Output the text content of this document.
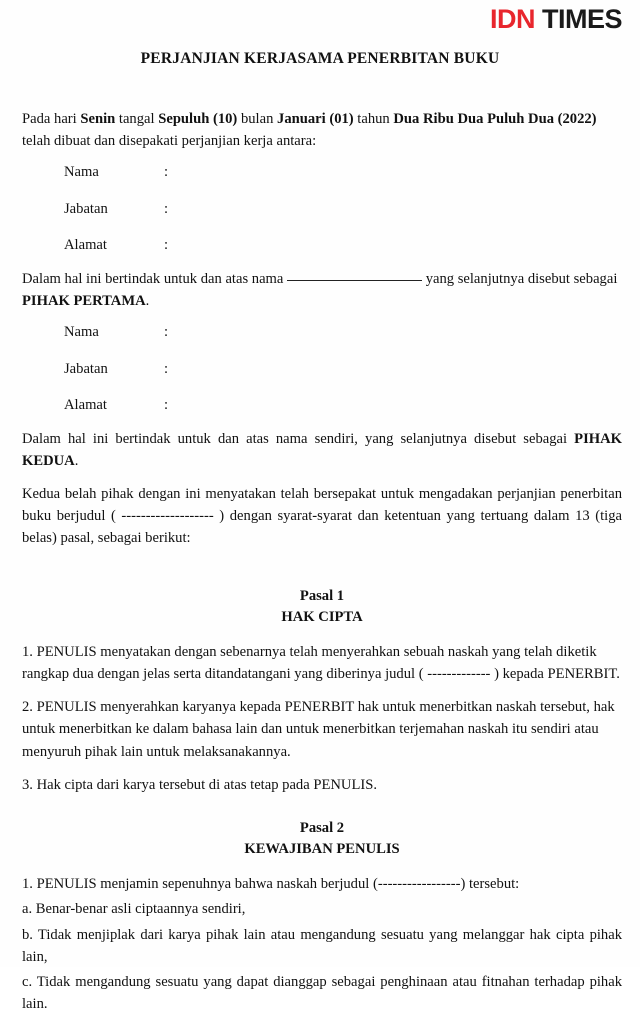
IDN TIMES
PERJANJIAN KERJASAMA PENERBITAN BUKU

Pada hari Senin tangal Sepuluh (10) bulan Januari (01) tahun Dua Ribu Dua Puluh Dua (2022) telah dibuat dan disepakati perjanjian kerja antara:

Nama	:
Jabatan	:
Alamat	:

Dalam hal ini bertindak untuk dan atas nama	yang selanjutnya disebut sebagai PIHAK PERTAMA.

Nama	:
Jabatan	:
Alamat	:

Dalam hal ini bertindak untuk dan atas nama sendiri, yang selanjutnya disebut sebagai PIHAK KEDUA.

Kedua belah pihak dengan ini menyatakan telah bersepakat untuk mengadakan perjanjian penerbitan buku berjudul ( ------------------- ) dengan syarat-syarat dan ketentuan yang tertuang dalam 13 (tiga belas) pasal, sebagai berikut:

Pasal 1
HAK CIPTA

1. PENULIS menyatakan dengan sebenarnya telah menyerahkan sebuah naskah yang telah diketik rangkap dua dengan jelas serta ditandatangani yang diberinya judul ( ------------- ) kepada PENERBIT.

2. PENULIS menyerahkan karyanya kepada PENERBIT hak untuk menerbitkan naskah tersebut, hak untuk menerbitkan ke dalam bahasa lain dan untuk menerbitkan terjemahan naskah itu sendiri atau menyuruh pihak lain untuk melaksanakannya.

3. Hak cipta dari karya tersebut di atas tetap pada PENULIS.

Pasal 2
KEWAJIBAN PENULIS

1. PENULIS menjamin sepenuhnya bahwa naskah berjudul (-----------------) tersebut:

a. Benar-benar asli ciptaannya sendiri,

b. Tidak menjiplak dari karya pihak lain atau mengandung sesuatu yang melanggar hak cipta pihak lain,

c. Tidak mengandung sesuatu yang dapat dianggap sebagai penghinaan atau fitnahan terhadap pihak lain.
